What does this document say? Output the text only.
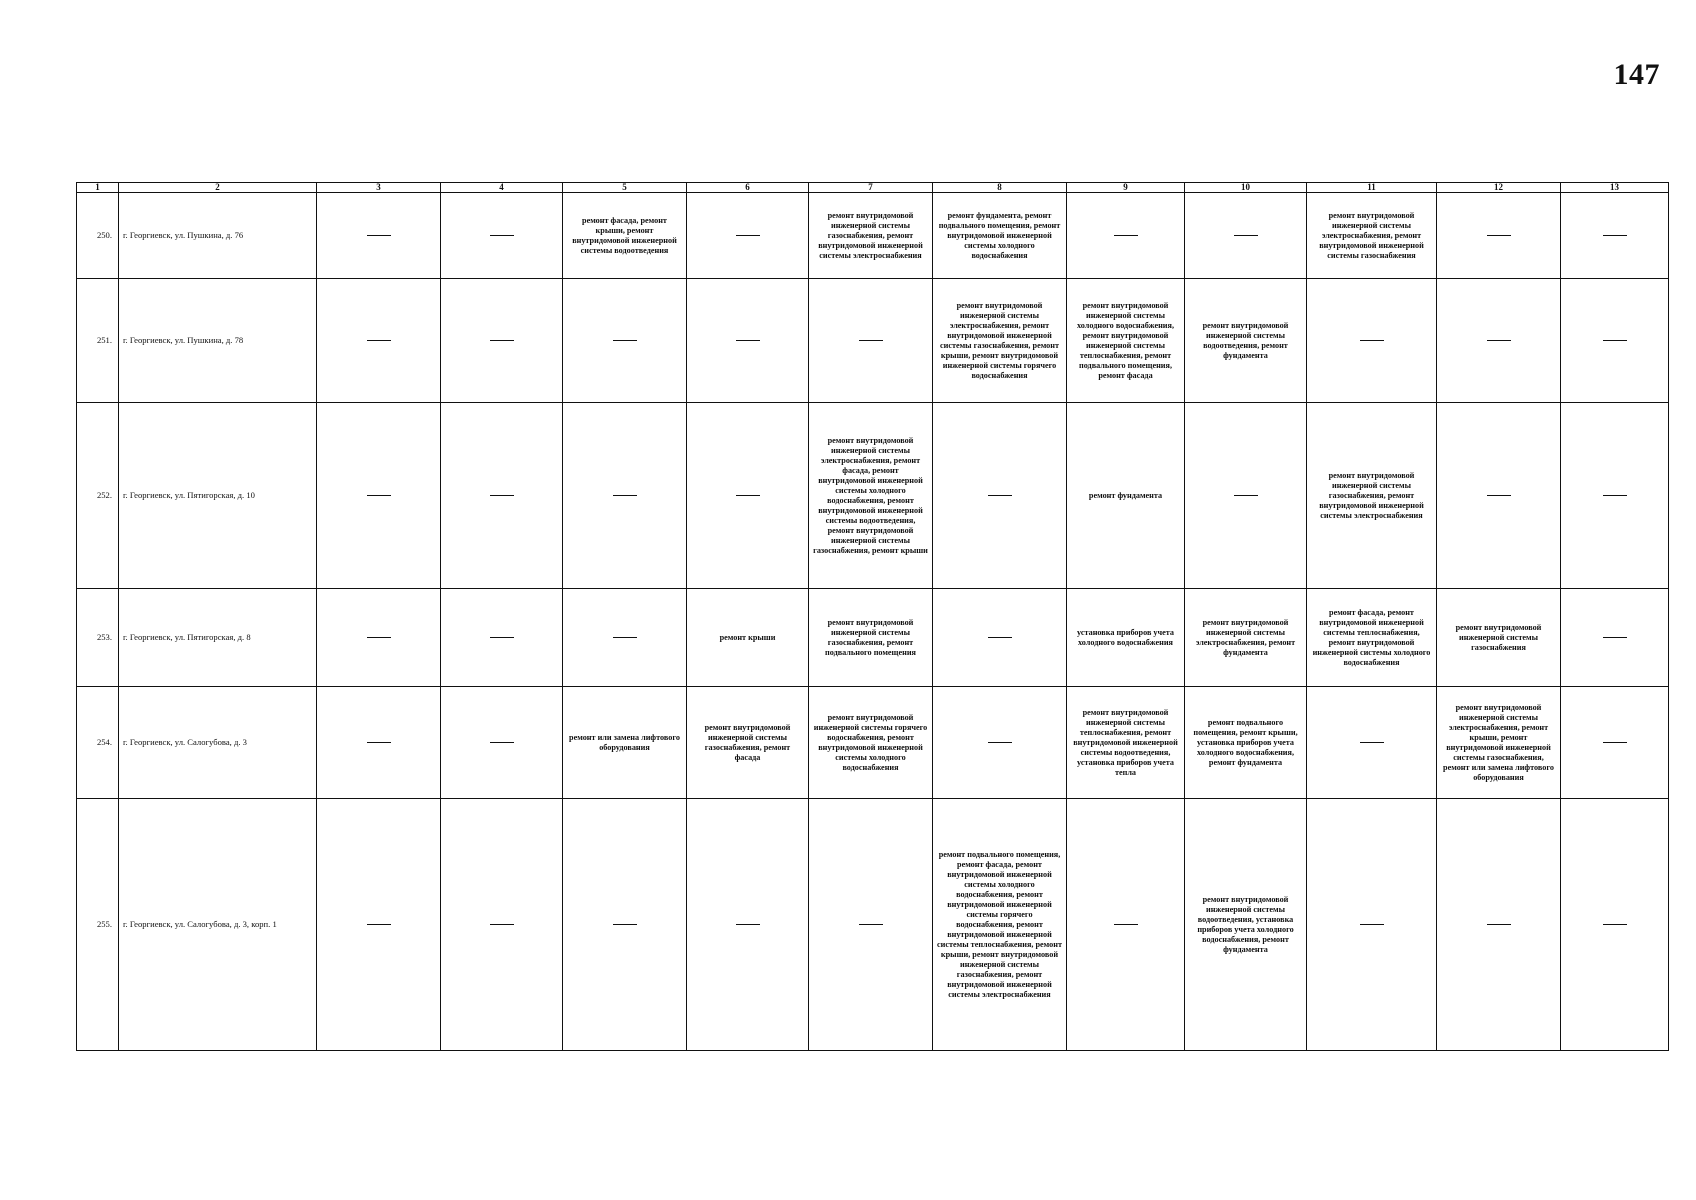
147
1	2	3	4	5	6	7	8	9	10	11	12	13
250.	г. Георгиевск, ул. Пушкина, д. 76			ремонт фасада, ремонт крыши, ремонт внутридомовой инженерной системы водоотведения		ремонт внутридомовой инженерной системы газоснабжения, ремонт внутридомовой инженерной системы электроснабжения	ремонт фундамента, ремонт подвального помещения, ремонт внутридомовой инженерной системы холодного водоснабжения			ремонт внутридомовой инженерной системы электроснабжения, ремонт внутридомовой инженерной системы газоснабжения		
251.	г. Георгиевск, ул. Пушкина, д. 78						ремонт внутридомовой инженерной системы электроснабжения, ремонт внутридомовой инженерной системы газоснабжения, ремонт крыши, ремонт внутридомовой инженерной системы горячего водоснабжения	ремонт внутридомовой инженерной системы холодного водоснабжения, ремонт внутридомовой инженерной системы теплоснабжения, ремонт подвального помещения, ремонт фасада	ремонт внутридомовой инженерной системы водоотведения, ремонт фундамента			
252.	г. Георгиевск, ул. Пятигорская, д. 10					ремонт внутридомовой инженерной системы электроснабжения, ремонт фасада, ремонт внутридомовой инженерной системы холодного водоснабжения, ремонт внутридомовой инженерной системы водоотведения, ремонт внутридомовой инженерной системы газоснабжения, ремонт крыши		ремонт фундамента		ремонт внутридомовой инженерной системы газоснабжения, ремонт внутридомовой инженерной системы электроснабжения		
253.	г. Георгиевск, ул. Пятигорская, д. 8				ремонт крыши	ремонт внутридомовой инженерной системы газоснабжения, ремонт подвального помещения		установка приборов учета холодного водоснабжения	ремонт внутридомовой инженерной системы электроснабжения, ремонт фундамента	ремонт фасада, ремонт внутридомовой инженерной системы теплоснабжения, ремонт внутридомовой инженерной системы холодного водоснабжения	ремонт внутридомовой инженерной системы газоснабжения	
254.	г. Георгиевск, ул. Салогубова, д. 3			ремонт или замена лифтового оборудования	ремонт внутридомовой инженерной системы газоснабжения, ремонт фасада	ремонт внутридомовой инженерной системы горячего водоснабжения, ремонт внутридомовой инженерной системы холодного водоснабжения		ремонт внутридомовой инженерной системы теплоснабжения, ремонт внутридомовой инженерной системы водоотведения, установка приборов учета тепла	ремонт подвального помещения, ремонт крыши, установка приборов учета холодного водоснабжения, ремонт фундамента		ремонт внутридомовой инженерной системы электроснабжения, ремонт крыши, ремонт внутридомовой инженерной системы газоснабжения, ремонт или замена лифтового оборудования	
255.	г. Георгиевск, ул. Салогубова, д. 3, корп. 1						ремонт подвального помещения, ремонт фасада, ремонт внутридомовой инженерной системы холодного водоснабжения, ремонт внутридомовой инженерной системы горячего водоснабжения, ремонт внутридомовой инженерной системы теплоснабжения, ремонт крыши, ремонт внутридомовой инженерной системы газоснабжения, ремонт внутридомовой инженерной системы электроснабжения		ремонт внутридомовой инженерной системы водоотведения, установка приборов учета холодного водоснабжения, ремонт фундамента			
